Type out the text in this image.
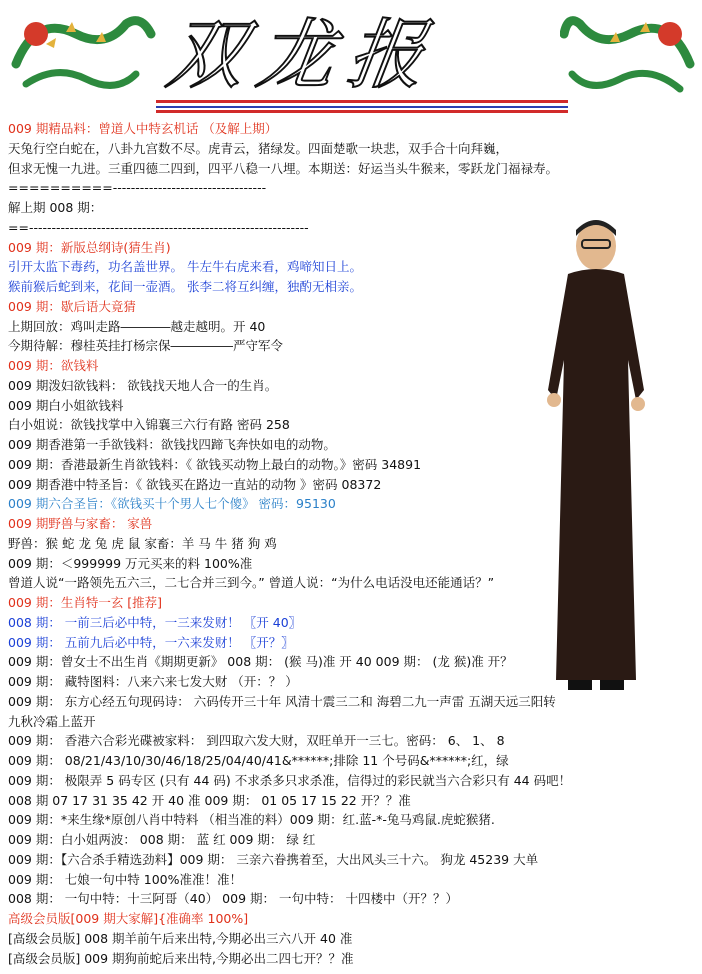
双龙报
009 期精品料：曾道人中特玄机话 （及解上期）
天兔行空白蛇在，八卦九宫数不尽。虎青云，猪绿发。四面楚歌一块悲，双手合十向拜巍，
但求无愧一九进。三重四德二四到，四平八稳一八埋。本期送：好运当头牛猴来，零跃龙门福禄寿。
==========----------------------------------
解上期 008 期：
==--------------------------------------------------------------
009 期：新版总纲诗(猜生肖)
引开太监下毒药，功名盖世界。 牛左牛右虎来看，鸡啼知日上。
猴前猴后蛇到来，花间一壶酒。 张李二将互纠缠，独酌无相亲。
009 期：歇后语大竟猜
上期回放：鸡叫走路――――越走越明。开 40
今期待解：穆桂英挂打杨宗保―――――严守军令
009 期：欲钱料
009 期泼妇欲钱料： 欲钱找天地人合一的生肖。
009 期白小姐欲钱料
白小姐说：欲钱找掌中入锦襄三六行有路 密码 258
009 期香港第一手欲钱料：欲钱找四蹄飞奔快如电的动物。
009 期：香港最新生肖欲钱料：《 欲钱买动物上最白的动物。》密码 34891
009 期香港中特圣旨：《 欲钱买在路边一直站的动物 》密码 08372
009 期六合圣旨：《欲钱买十个男人七个傻》 密码：95130
009 期野兽与家畜： 家兽
野兽：猴 蛇 龙 兔 虎 鼠 家畜：羊 马 牛 猪 狗 鸡
009 期：＜999999 万元买来的料 100%准
曾道人说“一路领先五六三，二七合并三到今。” 曾道人说：“为什么电话没电还能通话？”
009 期：生肖特一玄 [推荐]
008 期： 一前三后必中特，一三来发财！ 〖开 40〗
009 期： 五前九后必中特，一六来发财！ 〖开？〗
009 期：曾女士不出生肖《期期更新》 008 期： (猴 马)准 开 40 009 期： (龙 猴)准 开？
009 期： 藏特图料：八来六来七发大财 （开：？ ）
009 期： 东方心经五句现码诗： 六码传开三十年 风清十震三二和 海碧二九一声雷 五湖天远三阳转
九秋冷霜上蓝开
009 期： 香港六合彩光碟被家料： 到四取六发大财，双旺单开一三七。密码： 6、 1、 8
009 期： 08/21/43/10/30/46/18/25/04/40/41&******;排除 11 个号码&******;红，绿
009 期： 极限弄 5 码专区 (只有 44 码) 不求杀多只求杀准，信得过的彩民就当六合彩只有 44 码吧！
008 期 07 17 31 35 42 开 40 准 009 期： 01 05 17 15 22 开？？准
009 期：*来生缘*原创八肖中特料 （相当准的料）009 期：红.蓝-*-兔马鸡鼠.虎蛇猴猪.
009 期：白小姐两波： 008 期： 蓝 红 009 期： 绿 红
009 期：【六合杀手精选劲料】009 期： 三亲六眷携着至，大出风头三十六。 狗龙 45239 大单
009 期： 七娘一句中特 100%准准！准！
008 期： 一句中特：十三阿哥（40） 009 期： 一句中特： 十四楼中（开？？）
高级会员版[009 期大家解]{准确率 100%]
[高级会员版] 008 期羊前午后来出特,今期必出三六八开 40 准
[高级会员版] 009 期狗前蛇后来出特,今期必出二四七开？？准
